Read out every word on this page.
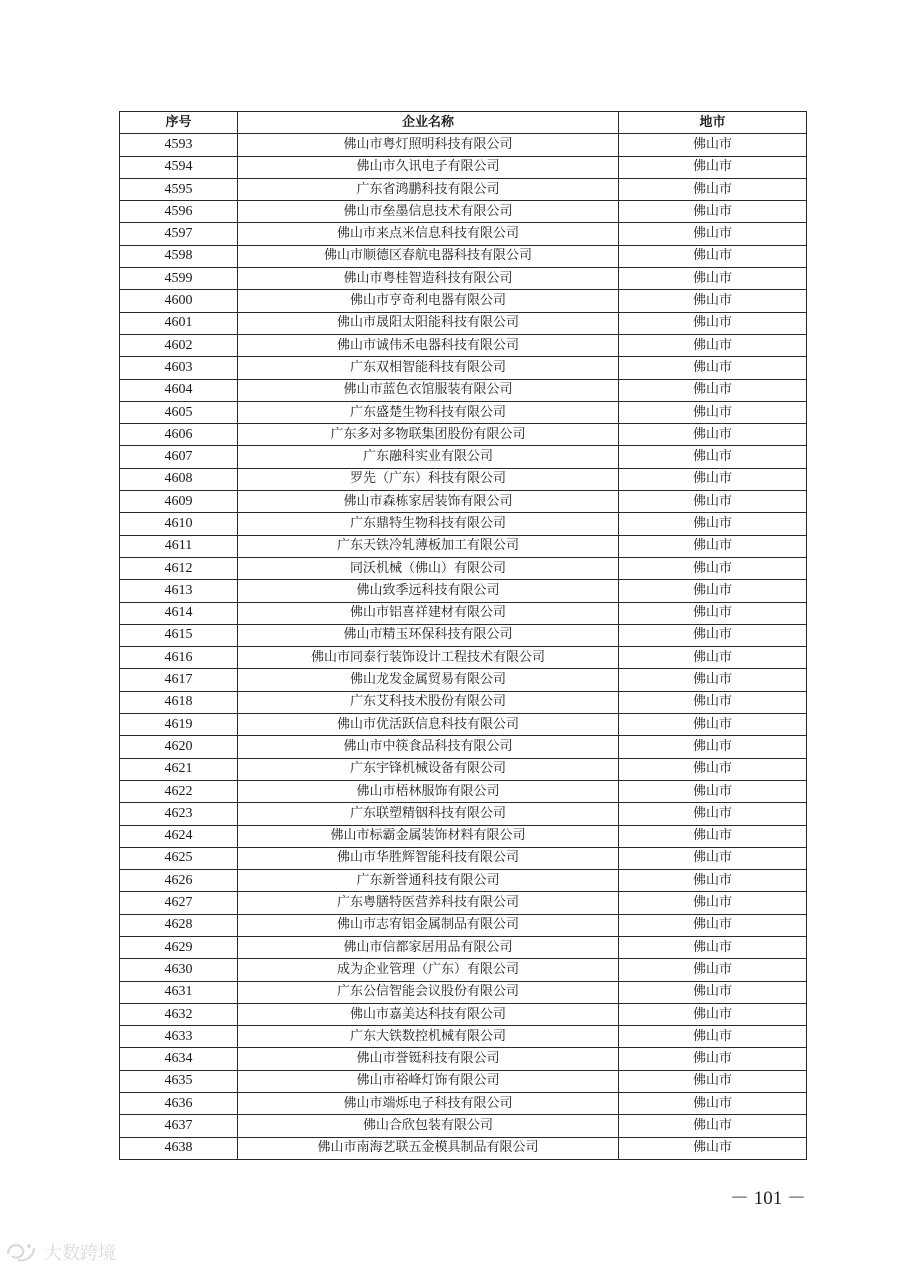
序号	企业名称	地市
4593	佛山市粤灯照明科技有限公司	佛山市
4594	佛山市久讯电子有限公司	佛山市
4595	广东省鸿鹏科技有限公司	佛山市
4596	佛山市垒墨信息技术有限公司	佛山市
4597	佛山市来点米信息科技有限公司	佛山市
4598	佛山市顺德区春航电器科技有限公司	佛山市
4599	佛山市粤桂智造科技有限公司	佛山市
4600	佛山市亨奇利电器有限公司	佛山市
4601	佛山市晟阳太阳能科技有限公司	佛山市
4602	佛山市诚伟禾电器科技有限公司	佛山市
4603	广东双相智能科技有限公司	佛山市
4604	佛山市蓝色衣馆服装有限公司	佛山市
4605	广东盛楚生物科技有限公司	佛山市
4606	广东多对多物联集团股份有限公司	佛山市
4607	广东融科实业有限公司	佛山市
4608	罗先（广东）科技有限公司	佛山市
4609	佛山市森栋家居装饰有限公司	佛山市
4610	广东鼎特生物科技有限公司	佛山市
4611	广东天铁冷轧薄板加工有限公司	佛山市
4612	同沃机械（佛山）有限公司	佛山市
4613	佛山致季远科技有限公司	佛山市
4614	佛山市铝喜祥建材有限公司	佛山市
4615	佛山市精玉环保科技有限公司	佛山市
4616	佛山市同泰行装饰设计工程技术有限公司	佛山市
4617	佛山龙发金属贸易有限公司	佛山市
4618	广东艾科技术股份有限公司	佛山市
4619	佛山市优活跃信息科技有限公司	佛山市
4620	佛山市中筷食品科技有限公司	佛山市
4621	广东宇锋机械设备有限公司	佛山市
4622	佛山市梧林服饰有限公司	佛山市
4623	广东联塑精铟科技有限公司	佛山市
4624	佛山市标霸金属装饰材料有限公司	佛山市
4625	佛山市华胜辉智能科技有限公司	佛山市
4626	广东新誉通科技有限公司	佛山市
4627	广东粤膳特医营养科技有限公司	佛山市
4628	佛山市志宥铝金属制品有限公司	佛山市
4629	佛山市信都家居用品有限公司	佛山市
4630	成为企业管理（广东）有限公司	佛山市
4631	广东公信智能会议股份有限公司	佛山市
4632	佛山市嘉美达科技有限公司	佛山市
4633	广东大铁数控机械有限公司	佛山市
4634	佛山市誉铤科技有限公司	佛山市
4635	佛山市裕峰灯饰有限公司	佛山市
4636	佛山市端烁电子科技有限公司	佛山市
4637	佛山合欣包装有限公司	佛山市
4638	佛山市南海艺联五金模具制品有限公司	佛山市
－ 101 －
大数跨境
